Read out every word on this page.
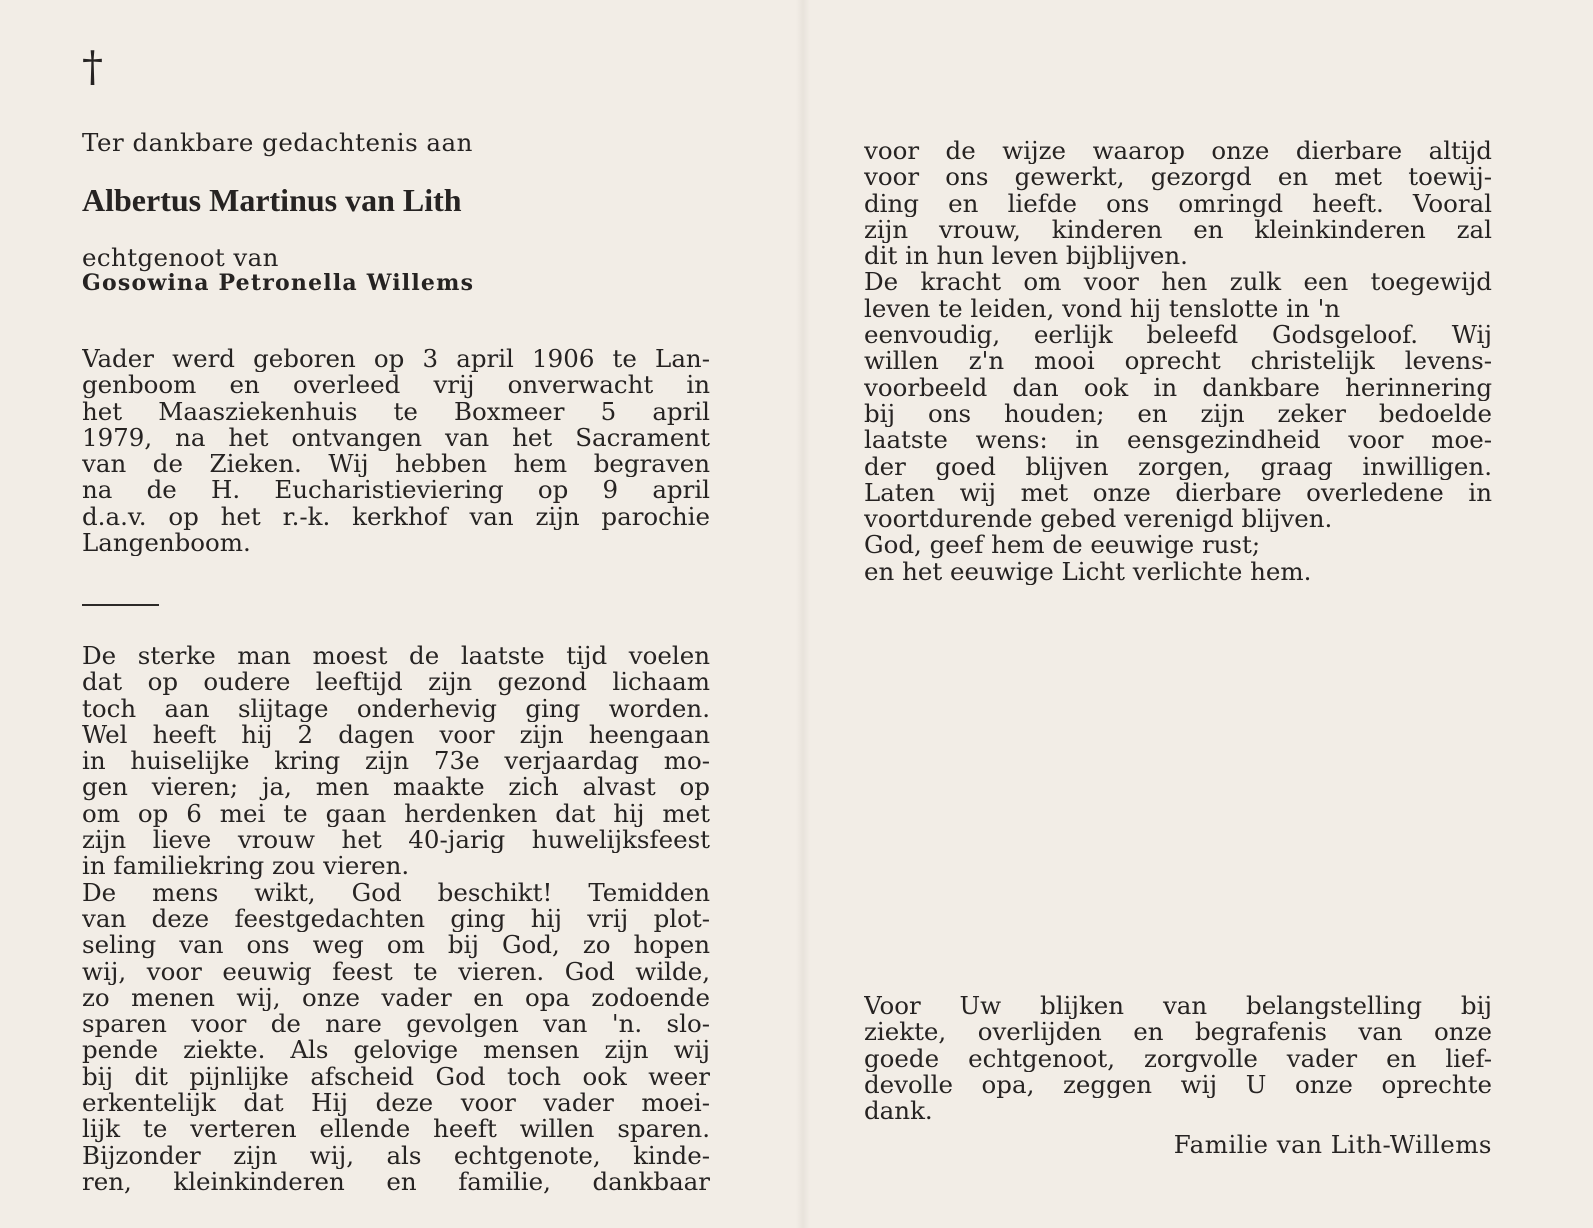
†
Ter dankbare gedachtenis aan
Albertus Martinus van Lith
echtgenoot van
Gosowina Petronella Willems
Vader werd geboren op 3 april 1906 te Lan-
genboom en overleed vrij onverwacht in
het Maasziekenhuis te Boxmeer 5 april
1979, na het ontvangen van het Sacrament
van de Zieken. Wij hebben hem begraven
na de H. Eucharistieviering op 9 april
d.a.v. op het r.-k. kerkhof van zijn parochie
Langenboom.
De sterke man moest de laatste tijd voelen
dat op oudere leeftijd zijn gezond lichaam
toch aan slijtage onderhevig ging worden.
Wel heeft hij 2 dagen voor zijn heengaan
in huiselijke kring zijn 73e verjaardag mo-
gen vieren; ja, men maakte zich alvast op
om op 6 mei te gaan herdenken dat hij met
zijn lieve vrouw het 40-jarig huwelijksfeest
in familiekring zou vieren.
De mens wikt, God beschikt! Temidden
van deze feestgedachten ging hij vrij plot-
seling van ons weg om bij God, zo hopen
wij, voor eeuwig feest te vieren. God wilde,
zo menen wij, onze vader en opa zodoende
sparen voor de nare gevolgen van 'n. slo-
pende ziekte. Als gelovige mensen zijn wij
bij dit pijnlijke afscheid God toch ook weer
erkentelijk dat Hij deze voor vader moei-
lijk te verteren ellende heeft willen sparen.
Bijzonder zijn wij, als echtgenote, kinde-
ren, kleinkinderen en familie, dankbaar
voor de wijze waarop onze dierbare altijd
voor ons gewerkt, gezorgd en met toewij-
ding en liefde ons omringd heeft. Vooral
zijn vrouw, kinderen en kleinkinderen zal
dit in hun leven bijblijven.
De kracht om voor hen zulk een toegewijd
leven te leiden, vond hij tenslotte in 'n
eenvoudig, eerlijk beleefd Godsgeloof. Wij
willen z'n mooi oprecht christelijk levens-
voorbeeld dan ook in dankbare herinnering
bij ons houden; en zijn zeker bedoelde
laatste wens: in eensgezindheid voor moe-
der goed blijven zorgen, graag inwilligen.
Laten wij met onze dierbare overledene in
voortdurende gebed verenigd blijven.
God, geef hem de eeuwige rust;
en het eeuwige Licht verlichte hem.
Voor Uw blijken van belangstelling bij
ziekte, overlijden en begrafenis van onze
goede echtgenoot, zorgvolle vader en lief-
devolle opa, zeggen wij U onze oprechte
dank.
Familie van Lith-Willems
